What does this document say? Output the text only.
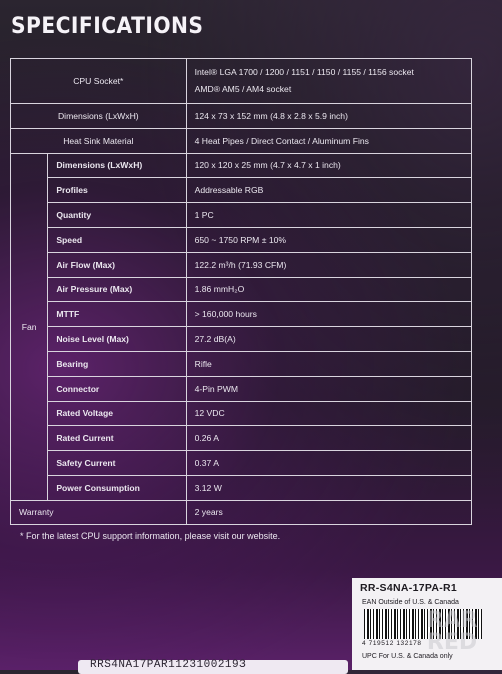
SPECIFICATIONS
CPU Socket*		Intel® LGA 1700 / 1200 / 1151 / 1150 / 1155 / 1156 socket
AMD® AM5 / AM4 socket

Dimensions (LxWxH)		124 x 73 x 152 mm (4.8 x 2.8 x 5.9 inch)
Heat Sink Material		4 Heat Pipes / Direct Contact / Aluminum Fins
Fan	Dimensions (LxWxH)	120 x 120 x 25 mm (4.7 x 4.7 x 1 inch)
	Profiles	Addressable RGB
	Quantity	1 PC
	Speed	650 ~ 1750 RPM ± 10%
	Air Flow (Max)	122.2 m³/h (71.93 CFM)
	Air Pressure (Max)	1.86 mmH₂O
	MTTF	> 160,000 hours
	Noise Level (Max)	27.2 dB(A)
	Bearing	Rifle
	Connector	4-Pin PWM
	Rated Voltage	12 VDC
	Rated Current	0.26 A
	Safety Current	0.37 A
	Power Consumption	3.12 W
Warranty		2 years
* For the latest CPU support information, please visit our website.
RR-S4NA-17PA-R1
EAN Outside of U.S. & Canada
4 719512 132178
UPC For U.S. & Canada only
RAR
RED
RRS4NA17PAR1123100219З
